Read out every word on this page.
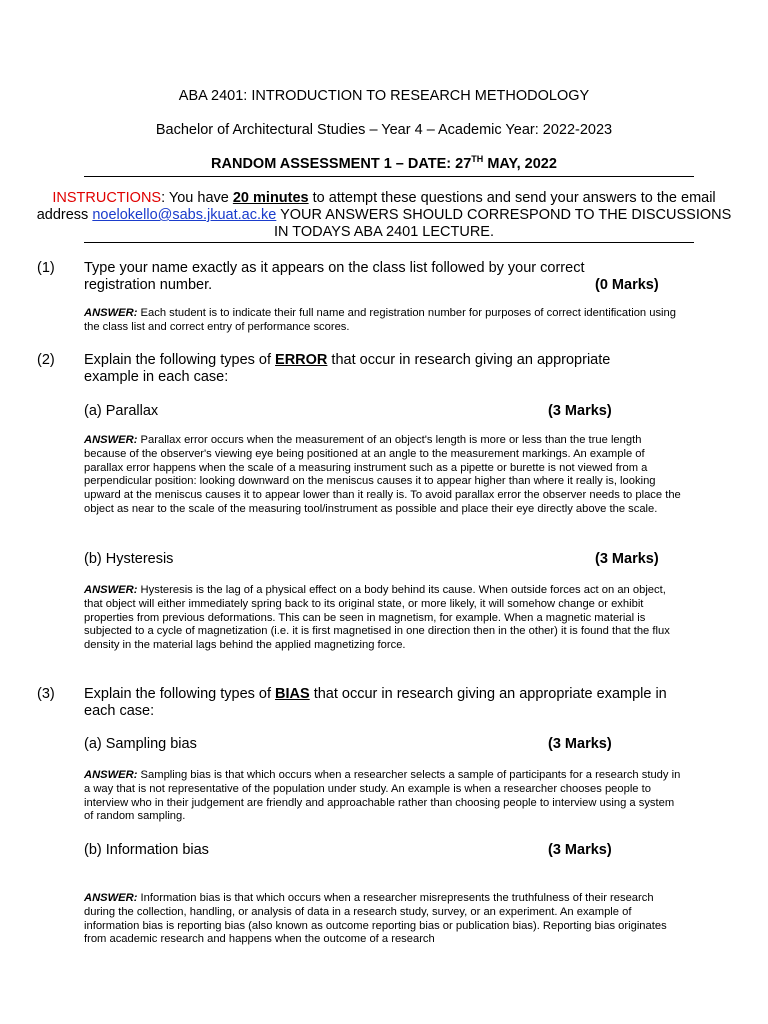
ABA 2401: INTRODUCTION TO RESEARCH METHODOLOGY
Bachelor of Architectural Studies – Year 4 – Academic Year: 2022-2023
RANDOM ASSESSMENT 1 – DATE: 27TH MAY, 2022
INSTRUCTIONS: You have 20 minutes to attempt these questions and send your answers to the email address noelokello@sabs.jkuat.ac.ke YOUR ANSWERS SHOULD CORRESPOND TO THE DISCUSSIONS IN TODAYS ABA 2401 LECTURE.
(1) Type your name exactly as it appears on the class list followed by your correct
registration number.	(0 Marks)
ANSWER: Each student is to indicate their full name and registration number for purposes of correct identification using the class list and correct entry of performance scores.
(2) Explain the following types of ERROR that occur in research giving an appropriate example in each case:
(a) Parallax	(3 Marks)
ANSWER: Parallax error occurs when the measurement of an object's length is more or less than the true length because of the observer's viewing eye being positioned at an angle to the measurement markings. An example of parallax error happens when the scale of a measuring instrument such as a pipette or burette is not viewed from a perpendicular position: looking downward on the meniscus causes it to appear higher than where it really is, looking upward at the meniscus causes it to appear lower than it really is. To avoid parallax error the observer needs to place the object as near to the scale of the measuring tool/instrument as possible and place their eye directly above the scale.
(b) Hysteresis	(3 Marks)
ANSWER: Hysteresis is the lag of a physical effect on a body behind its cause. When outside forces act on an object, that object will either immediately spring back to its original state, or more likely, it will somehow change or exhibit properties from previous deformations. This can be seen in magnetism, for example. When a magnetic material is subjected to a cycle of magnetization (i.e. it is first magnetised in one direction then in the other) it is found that the flux density in the material lags behind the applied magnetizing force.
(3) Explain the following types of BIAS that occur in research giving an appropriate example in each case:
(a) Sampling bias	(3 Marks)
ANSWER: Sampling bias is that which occurs when a researcher selects a sample of participants for a research study in a way that is not representative of the population under study. An example is when a researcher chooses people to interview who in their judgement are friendly and approachable rather than choosing people to interview using a system of random sampling.
(b) Information bias	(3 Marks)
ANSWER: Information bias is that which occurs when a researcher misrepresents the truthfulness of their research during the collection, handling, or analysis of data in a research study, survey, or an experiment. An example of information bias is reporting bias (also known as outcome reporting bias or publication bias). Reporting bias originates from academic research and happens when the outcome of a research
